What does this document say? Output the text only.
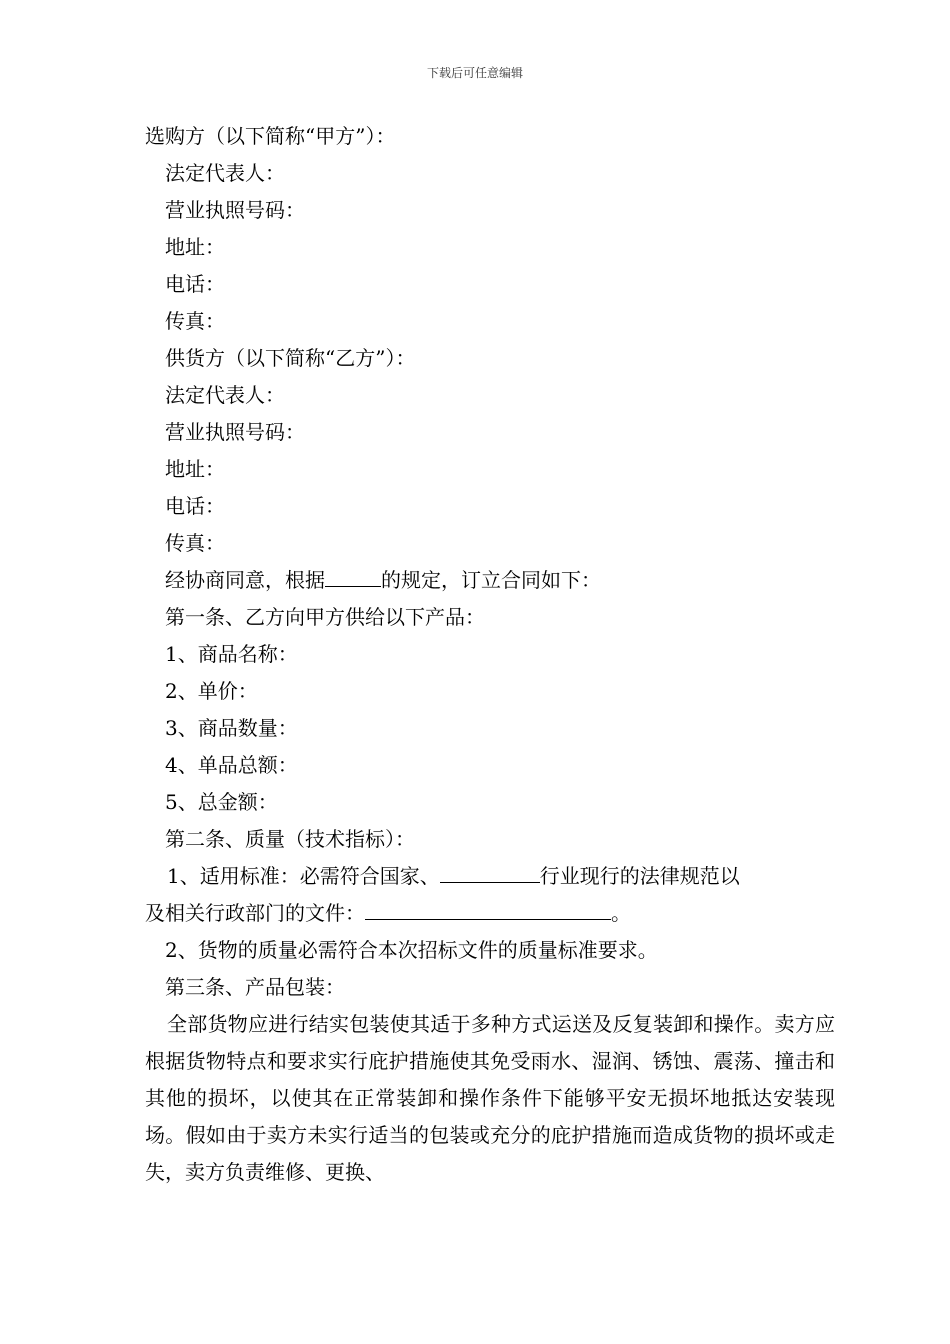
下载后可任意编辑
选购方（以下简称“甲方”）：
法定代表人：
营业执照号码：
地址：
电话：
传真：
供货方（以下简称“乙方”）：
法定代表人：
营业执照号码：
地址：
电话：
传真：
经协商同意，根据	的规定，订立合同如下：
第一条、乙方向甲方供给以下产品：
1、商品名称：
2、单价：
3、商品数量：
4、单品总额：
5、总金额：
第二条、质量（技术指标）：
1、适用标准：必需符合国家、	行业现行的法律规范以
及相关行政部门的文件：	。
2、货物的质量必需符合本次招标文件的质量标准要求。
第三条、产品包装：
全部货物应进行结实包装使其适于多种方式运送及反复装卸和操作。卖方应根据货物特点和要求实行庇护措施使其免受雨水、湿润、锈蚀、震荡、撞击和其他的损坏，以使其在正常装卸和操作条件下能够平安无损坏地抵达安装现场。假如由于卖方未实行适当的包装或充分的庇护措施而造成货物的损坏或走失，卖方负责维修、更换、
